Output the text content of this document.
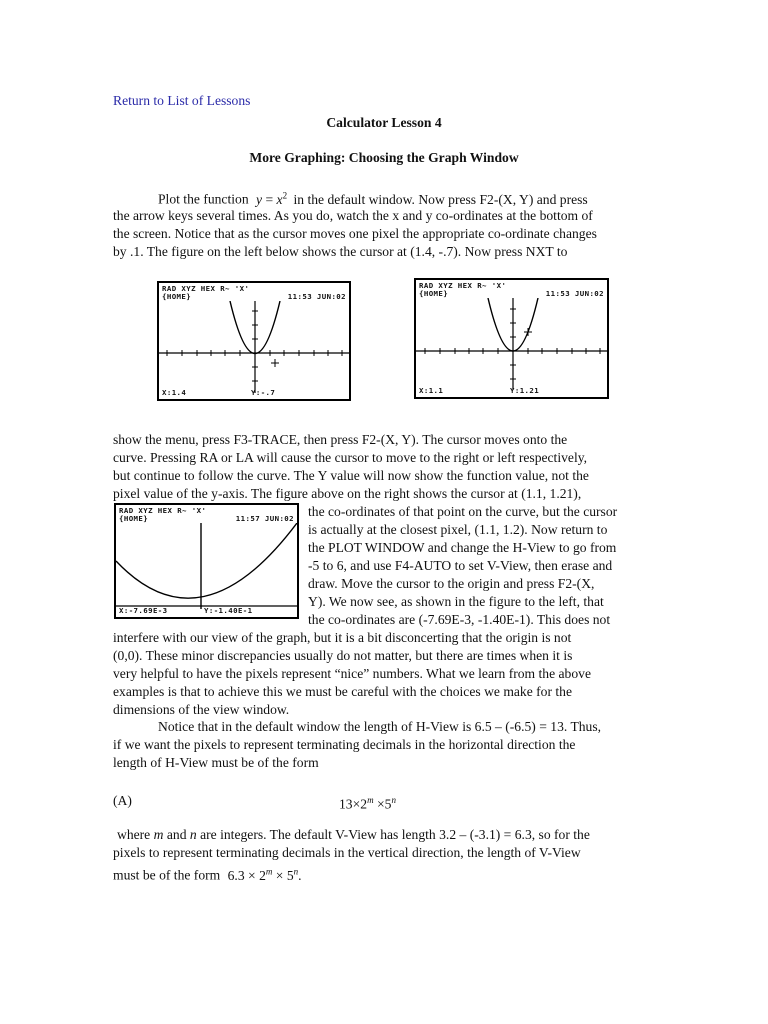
Return to List of Lessons
Calculator Lesson 4
More Graphing: Choosing the Graph Window
Plot the function $y = x^2$ in the default window. Now press F2-(X, Y) and press
the arrow keys several times. As you do, watch the x and y co-ordinates at the bottom of
the screen. Notice that as the cursor moves one pixel the appropriate co-ordinate changes
by .1. The figure on the left below shows the cursor at (1.4, -.7). Now press NXT to
RAD XYZ HEX R~ 'X'
{HOME}	11:53 JUN:02
X:1.4	Y:-.7
RAD XYZ HEX R~ 'X'
{HOME}	11:53 JUN:02
X:1.1	Y:1.21
show the menu, press F3-TRACE, then press F2-(X, Y). The cursor moves onto the
curve. Pressing RA or LA will cause the cursor to move to the right or left respectively,
but continue to follow the curve. The Y value will now show the function value, not the
pixel value of the y-axis. The figure above on the right shows the cursor at (1.1, 1.21),
RAD XYZ HEX R~ 'X'
{HOME}	11:57 JUN:02
X:-7.69E-3	Y:-1.40E-1
the co-ordinates of that point on the curve, but the cursor
is actually at the closest pixel, (1.1, 1.2). Now return to
the PLOT WINDOW and change the H-View to go from
-5 to 6, and use F4-AUTO to set V-View, then erase and
draw. Move the cursor to the origin and press F2-(X,
Y). We now see, as shown in the figure to the left, that
the co-ordinates are (-7.69E-3, -1.40E-1). This does not
interfere with our view of the graph, but it is a bit disconcerting that the origin is not
(0,0). These minor discrepancies usually do not matter, but there are times when it is
very helpful to have the pixels represent “nice” numbers. What we learn from the above
examples is that to achieve this we must be careful with the choices we make for the
dimensions of the view window.
Notice that in the default window the length of H-View is 6.5 – (-6.5) = 13. Thus,
if we want the pixels to represent terminating decimals in the horizontal direction the
length of H-View must be of the form
(A)	$13\times 2^m \times 5^n$
where m and n are integers. The default V-View has length 3.2 – (-3.1) = 6.3, so for the
pixels to represent terminating decimals in the vertical direction, the length of V-View
must be of the form $6.3 \times 2^m \times 5^n$.
